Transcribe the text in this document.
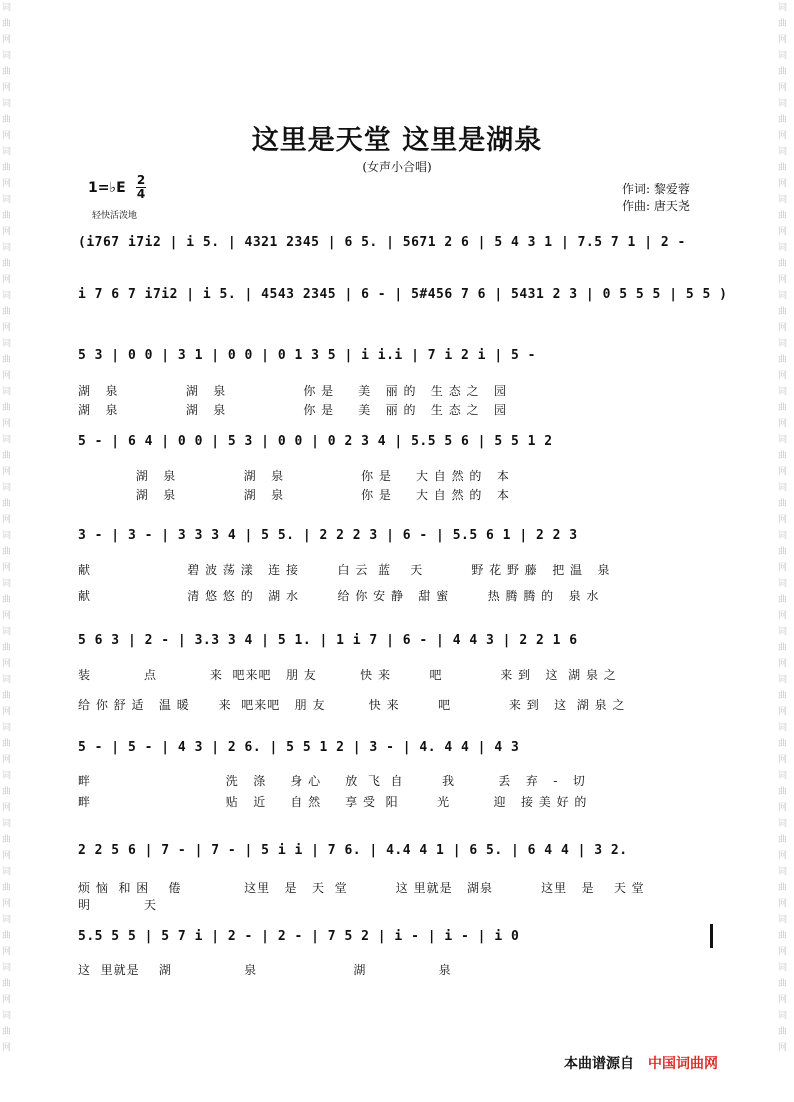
词曲网词曲网词曲网词曲网词曲网词曲网词曲网词曲网词曲网词曲网词曲网词曲网词曲网词曲网词曲网词曲网词曲网词曲网词曲网词曲网词曲网词曲网
词曲网词曲网词曲网词曲网词曲网词曲网词曲网词曲网词曲网词曲网词曲网词曲网词曲网词曲网词曲网词曲网词曲网词曲网词曲网词曲网词曲网词曲网
这里是天堂 这里是湖泉
(女声小合唱)
1=♭E 2
4
轻快活泼地
作词: 黎爱蓉
作曲: 唐天尧
(i767 i7i2 | i 5. | 4321 2345 | 6 5. | 5671 2 6 | 5 4 3 1 | 7.5 7 1 | 2 -
i 7 6 7 i7i2 | i 5. | 4543 2345 | 6 - | 5#456 7 6 | 5431 2 3 | 0 5 5 5 | 5 5 )
5 3 | 0 0 | 3 1 | 0 0 | 0 1 3 5 | i i.i | 7 i 2 i | 5 -
湖   泉              湖   泉                你 是     美   丽 的   生 态 之   园
湖   泉              湖   泉                你 是     美   丽 的   生 态 之   园
5 - | 6 4 | 0 0 | 5 3 | 0 0 | 0 2 3 4 | 5.5 5 6 | 5 5 1 2
湖   泉              湖   泉                你 是     大 自 然 的   本
湖   泉              湖   泉                你 是     大 自 然 的   本
3 - | 3 - | 3 3 3 4 | 5 5. | 2 2 2 3 | 6 - | 5.5 6 1 | 2 2 3
献                    碧 波 荡 漾   连 接        白 云  蓝    天          野 花 野 藤   把 温   泉
献                    清 悠 悠 的   湖 水        给 你 安 静   甜 蜜        热 腾 腾 的   泉 水
5 6 3 | 2 - | 3.3 3 4 | 5 1. | 1 i 7 | 6 - | 4 4 3 | 2 2 1 6
装           点           来  吧来吧   朋 友         快 来        吧            来 到   这  湖 泉 之
给 你 舒 适   温 暖      来  吧来吧   朋 友         快 来        吧            来 到   这  湖 泉 之
5 - | 5 - | 4 3 | 2 6. | 5 5 1 2 | 3 - | 4. 4 4 | 4 3
畔                            洗   涤     身 心     放  飞  自        我         丢   弃   -   切
畔                            贴   近     自 然     享 受  阳        光         迎   接 美 好 的
2 2 5 6 | 7 - | 7 - | 5 i i | 7 6. | 4.4 4 1 | 6 5. | 6 4 4 | 3 2.
烦 恼  和 困    倦             这里   是   天  堂          这 里就是   湖泉          这里   是    天 堂
明           天
5.5 5 5 | 5 7 i | 2 - | 2 - | 7 5 2 | i - | i - | i 0
这  里就是    湖               泉                    湖               泉
本曲谱源自 中国词曲网
